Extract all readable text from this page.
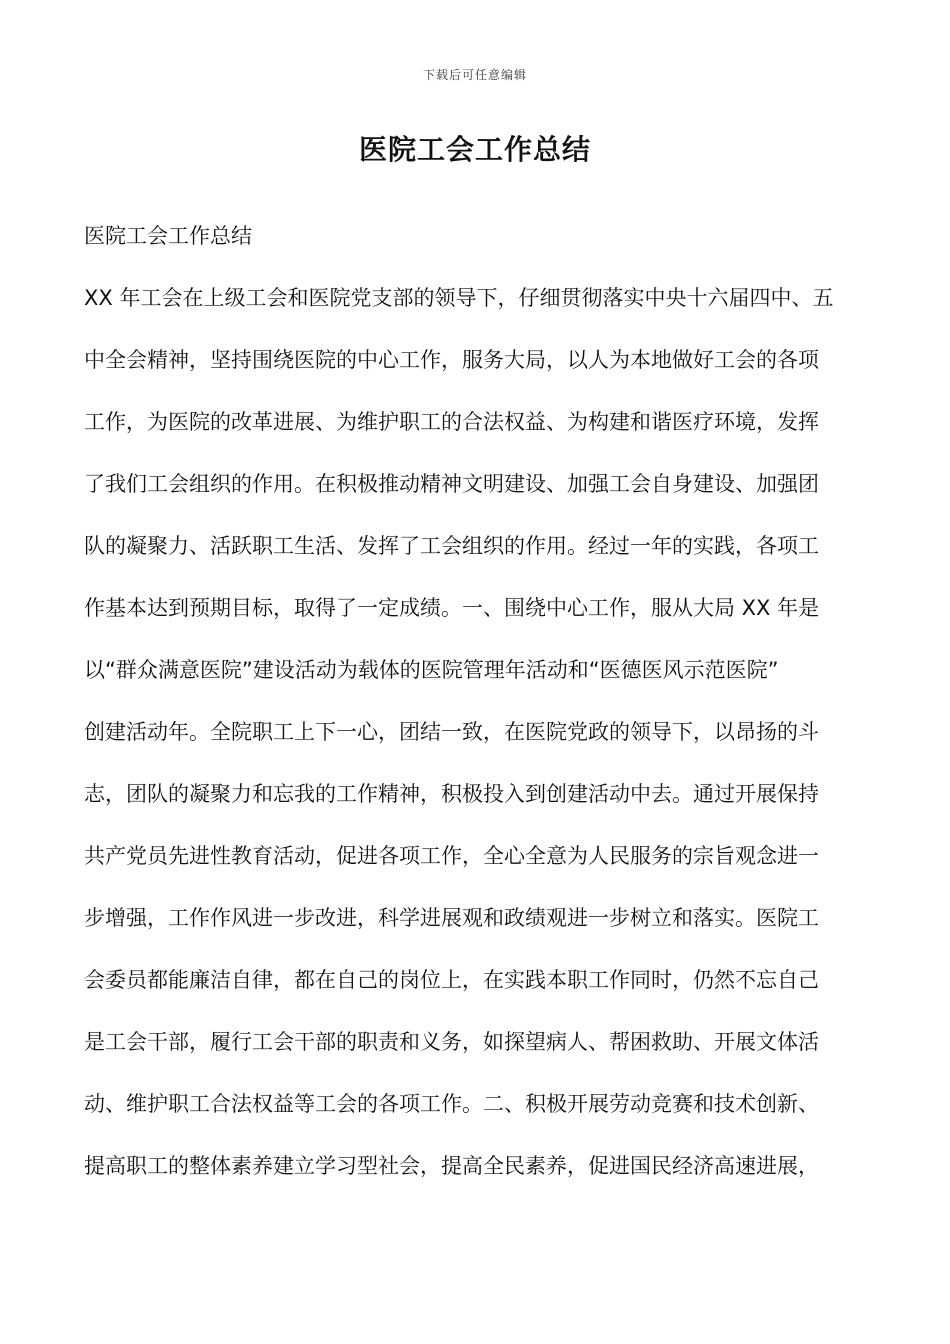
下载后可任意编辑
医院工会工作总结
医院工会工作总结
XX 年工会在上级工会和医院党支部的领导下，仔细贯彻落实中央十六届四中、五
中全会精神，坚持围绕医院的中心工作，服务大局，以人为本地做好工会的各项
工作，为医院的改革进展、为维护职工的合法权益、为构建和谐医疗环境，发挥
了我们工会组织的作用。在积极推动精神文明建设、加强工会自身建设、加强团
队的凝聚力、活跃职工生活、发挥了工会组织的作用。经过一年的实践，各项工
作基本达到预期目标，取得了一定成绩。一、围绕中心工作，服从大局 XX 年是
以“群众满意医院”建设活动为载体的医院管理年活动和“医德医风示范医院”
创建活动年。全院职工上下一心，团结一致，在医院党政的领导下，以昂扬的斗
志，团队的凝聚力和忘我的工作精神，积极投入到创建活动中去。通过开展保持
共产党员先进性教育活动，促进各项工作，全心全意为人民服务的宗旨观念进一
步增强，工作作风进一步改进，科学进展观和政绩观进一步树立和落实。医院工
会委员都能廉洁自律，都在自己的岗位上，在实践本职工作同时，仍然不忘自己
是工会干部，履行工会干部的职责和义务，如探望病人、帮困救助、开展文体活
动、维护职工合法权益等工会的各项工作。二、积极开展劳动竞赛和技术创新、
提高职工的整体素养建立学习型社会，提高全民素养，促进国民经济高速进展，
